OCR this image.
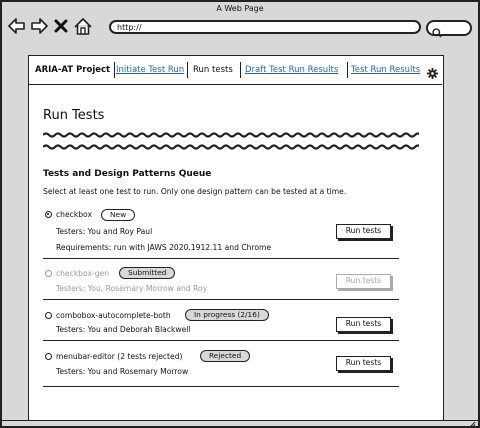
A Web Page
http://
ARIA-AT Project Initiate Test Run Run tests Draft Test Run Results Test Run Results
Run Tests
Tests and Design Patterns Queue
Select at least one test to run. Only one design pattern can be tested at a time.
checkbox	New
Testers: You and Roy Paul
Requirements: run with JAWS 2020.1912.11 and Chrome
Run tests
checkbox-gen	Submitted
Testers: You, Rosemary Morrow and Roy
Run tests
combobox-autocomplete-both	In progress (2/16)
Testers: You and Deborah Blackwell
Run tests
menubar-editor (2 tests rejected)	Rejected
Testers: You and Rosemary Morrow
Run tests
